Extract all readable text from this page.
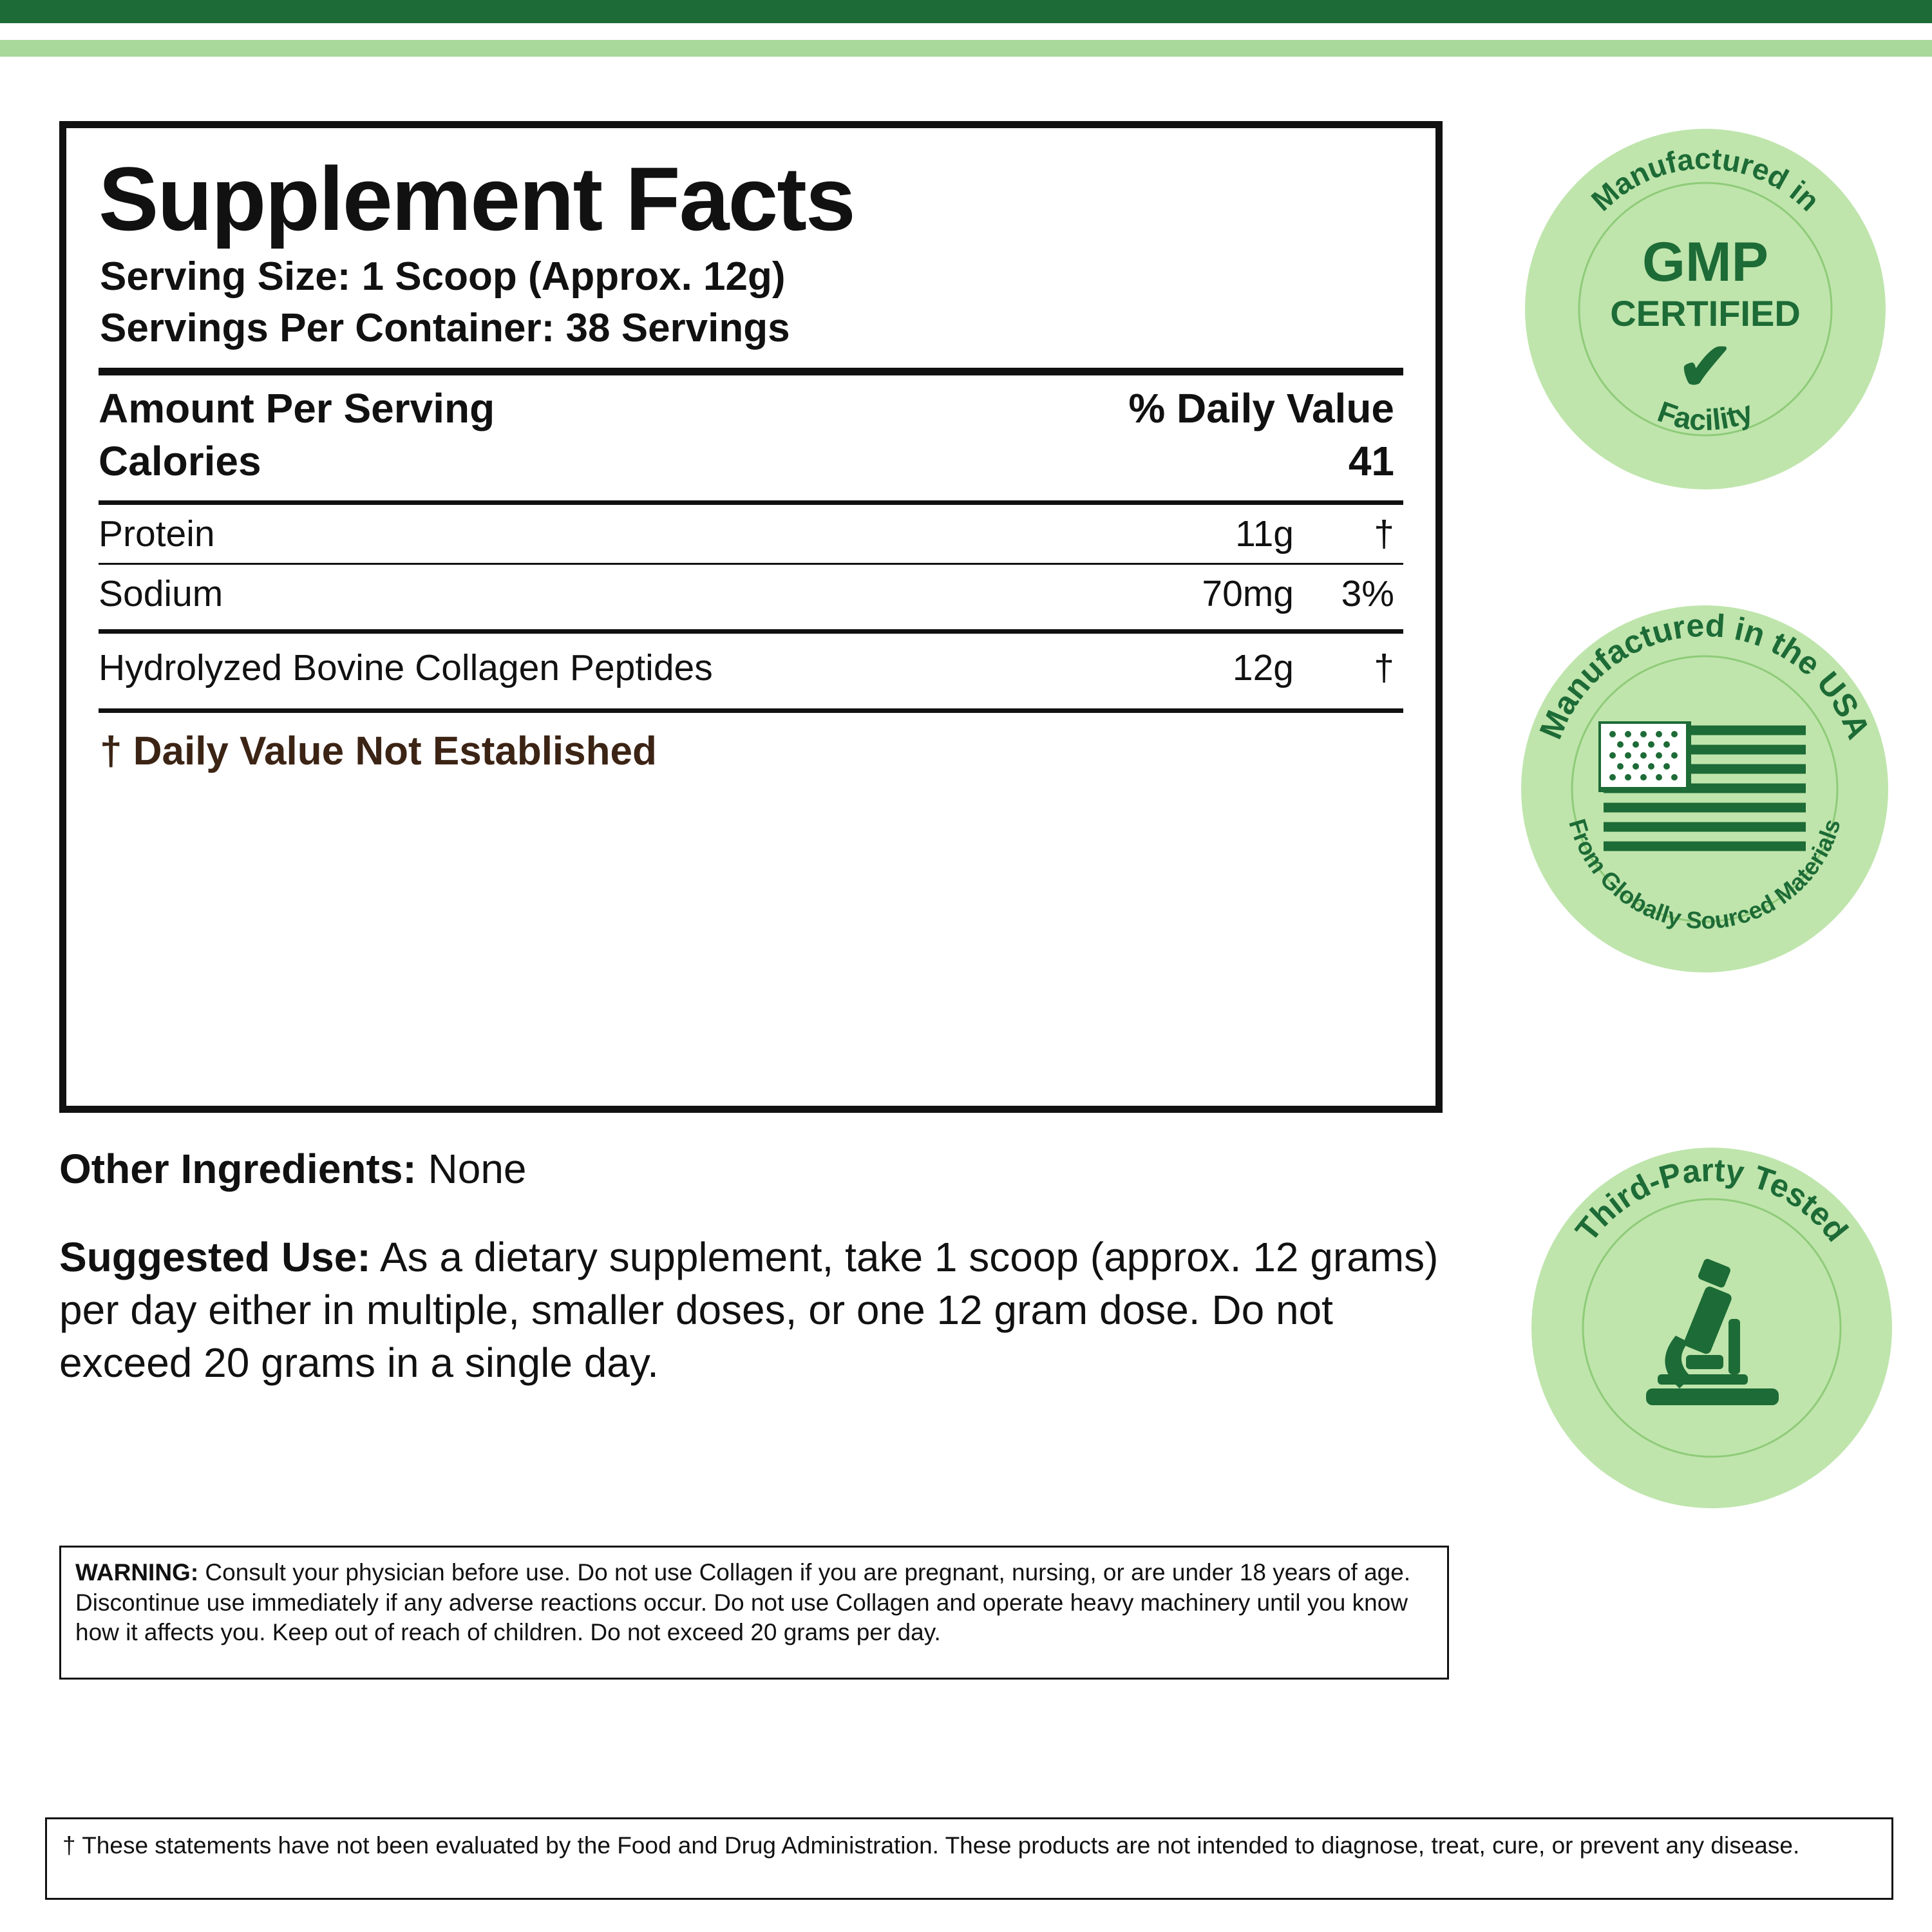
Supplement Facts
Serving Size: 1 Scoop (Approx. 12g)
Servings Per Container: 38 Servings
Amount Per Serving	% Daily Value
Calories	41
Protein	11g	†
Sodium	70mg	3%
Hydrolyzed Bovine Collagen Peptides	12g	†
† Daily Value Not Established
Other Ingredients: None
Suggested Use: As a dietary supplement, take 1 scoop (approx. 12 grams) per day either in multiple, smaller doses, or one 12 gram dose. Do not exceed 20 grams in a single day.
WARNING: Consult your physician before use. Do not use Collagen if you are pregnant, nursing, or are under 18 years of age. Discontinue use immediately if any adverse reactions occur. Do not use Collagen and operate heavy machinery until you know how it affects you. Keep out of reach of children. Do not exceed 20 grams per day.
† These statements have not been evaluated by the Food and Drug Administration. These products are not intended to diagnose, treat, cure, or prevent any disease.
Manufactured in
Facility
GMP
CERTIFIED
✔
Manufactured in the USA
From Globally Sourced Materials
Third-Party Tested
